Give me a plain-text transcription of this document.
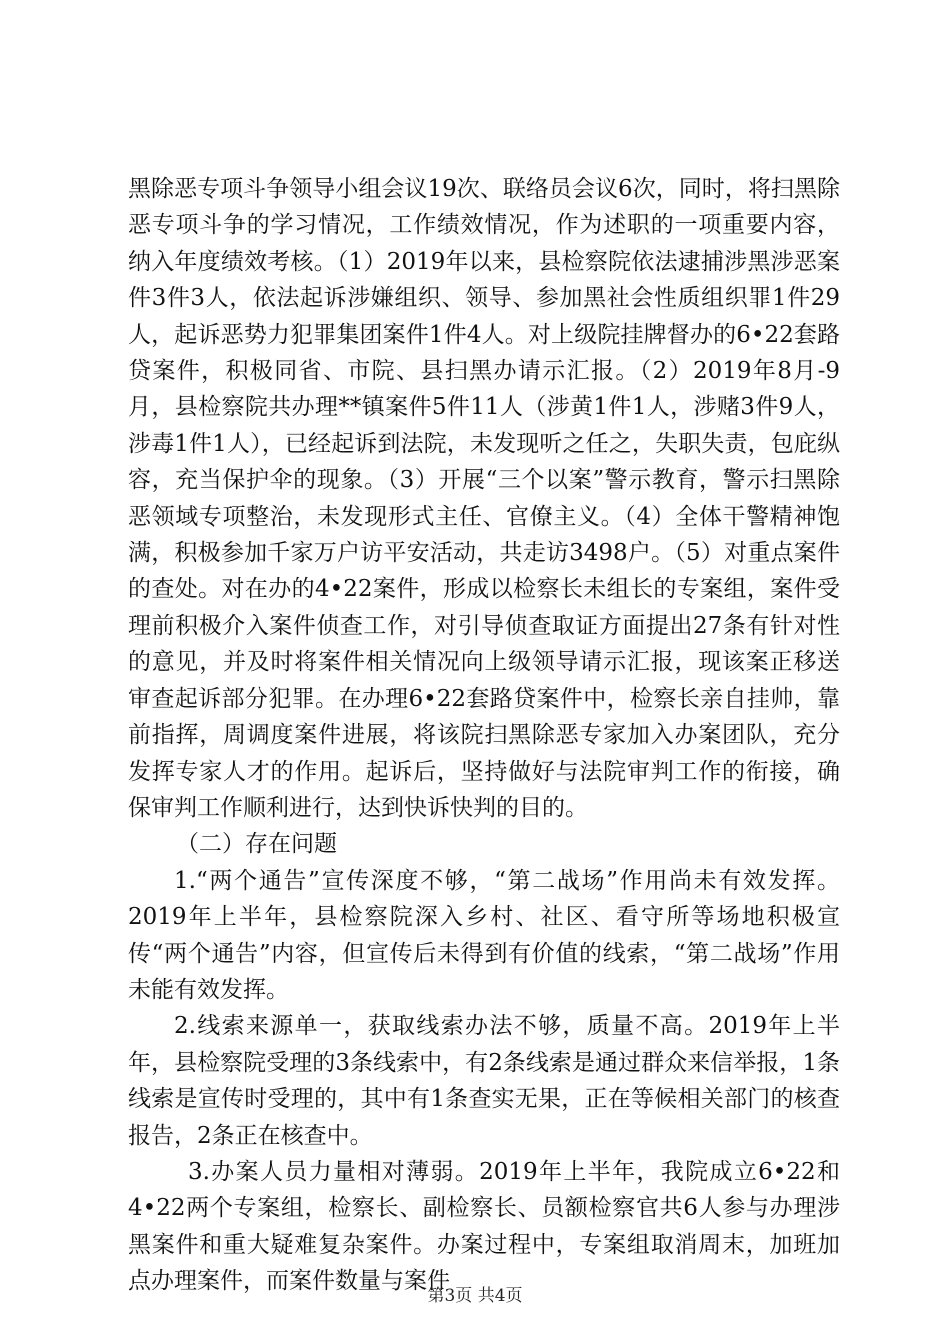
黑除恶专项斗争领导小组会议19次、联络员会议6次，同时，将扫黑除恶专项斗争的学习情况，工作绩效情况，作为述职的一项重要内容，纳入年度绩效考核。（1）2019年以来，县检察院依法逮捕涉黑涉恶案件3件3人，依法起诉涉嫌组织、领导、参加黑社会性质组织罪1件29人，起诉恶势力犯罪集团案件1件4人。对上级院挂牌督办的6•22套路贷案件，积极同省、市院、县扫黑办请示汇报。（2）2019年8月-9月，县检察院共办理**镇案件5件11人（涉黄1件1人，涉赌3件9人，涉毒1件1人），已经起诉到法院，未发现听之任之，失职失责，包庇纵容，充当保护伞的现象。（3）开展“三个以案”警示教育，警示扫黑除恶领域专项整治，未发现形式主任、官僚主义。（4）全体干警精神饱满，积极参加千家万户访平安活动，共走访3498户。（5）对重点案件的查处。对在办的4•22案件，形成以检察长未组长的专案组，案件受理前积极介入案件侦查工作，对引导侦查取证方面提出27条有针对性的意见，并及时将案件相关情况向上级领导请示汇报，现该案正移送审查起诉部分犯罪。在办理6•22套路贷案件中，检察长亲自挂帅，靠前指挥，周调度案件进展，将该院扫黑除恶专家加入办案团队，充分发挥专家人才的作用。起诉后，坚持做好与法院审判工作的衔接，确保审判工作顺利进行，达到快诉快判的目的。

（二）存在问题

1.“两个通告”宣传深度不够，“第二战场”作用尚未有效发挥。2019年上半年，县检察院深入乡村、社区、看守所等场地积极宣传“两个通告”内容，但宣传后未得到有价值的线索，“第二战场”作用未能有效发挥。

2.线索来源单一，获取线索办法不够，质量不高。2019年上半年，县检察院受理的3条线索中，有2条线索是通过群众来信举报，1条线索是宣传时受理的，其中有1条查实无果，正在等候相关部门的核查报告，2条正在核查中。

3.办案人员力量相对薄弱。2019年上半年，我院成立6•22和4•22两个专案组，检察长、副检察长、员额检察官共6人参与办理涉黑案件和重大疑难复杂案件。办案过程中，专案组取消周末，加班加点办理案件，而案件数量与案件

第3页 共4页
